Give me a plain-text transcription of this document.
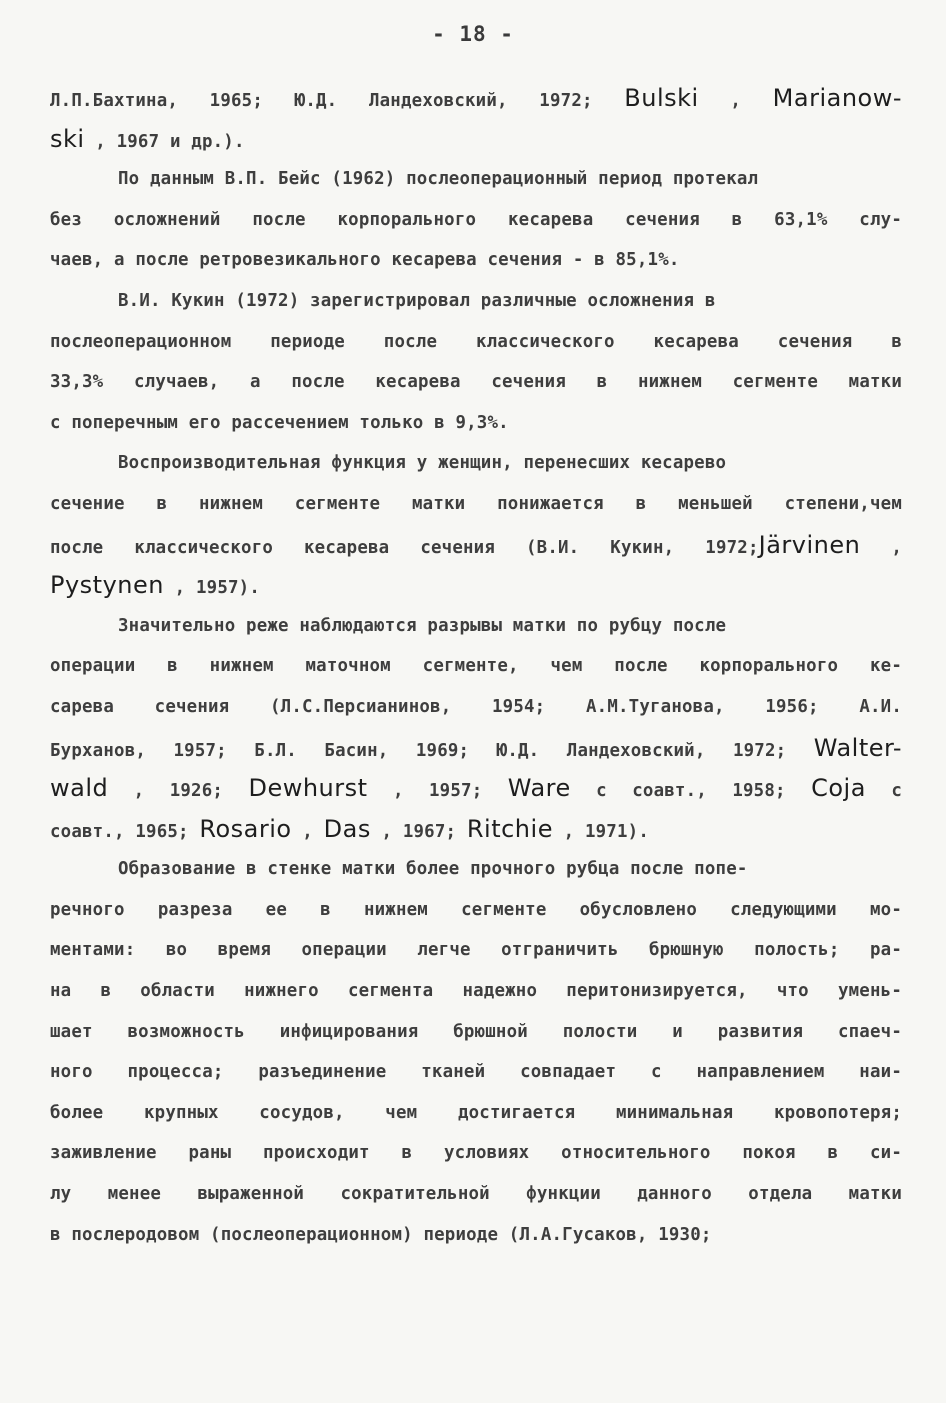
- 18 -
Л.П.Бахтина, 1965; Ю.Д. Ландеховский, 1972; Bulski , Marianow-
ski , 1967 и др.).
По данным В.П. Бейс (1962) послеоперационный период протекал
без осложнений после корпорального кесарева сечения в 63,1% слу-
чаев, а после ретровезикального кесарева сечения - в 85,1%.
В.И. Кукин (1972) зарегистрировал различные осложнения в
послеоперационном периоде после классического кесарева сечения в
33,3% случаев, а после кесарева сечения в нижнем сегменте матки
с поперечным его рассечением только в 9,3%.
Воспроизводительная функция у женщин, перенесших кесарево
сечение в нижнем сегменте матки понижается в меньшей степени,чем
после классического кесарева сечения (В.И. Кукин, 1972;Järvinen ,
Pystynen , 1957).
Значительно реже наблюдаются разрывы матки по рубцу после
операции в нижнем маточном сегменте, чем после корпорального ке-
сарева сечения (Л.С.Персианинов, 1954; А.М.Туганова, 1956; А.И.
Бурханов, 1957; Б.Л. Басин, 1969; Ю.Д. Ландеховский, 1972; Walter-
wald , 1926; Dewhurst , 1957; Ware с соавт., 1958; Coja с
соавт., 1965; Rosario , Das , 1967; Ritchie , 1971).
Образование в стенке матки более прочного рубца после попе-
речного разреза ее в нижнем сегменте обусловлено следующими мо-
ментами: во время операции легче отграничить брюшную полость; ра-
на в области нижнего сегмента надежно перитонизируется, что умень-
шает возможность инфицирования брюшной полости и развития спаеч-
ного процесса; разъединение тканей совпадает с направлением наи-
более крупных сосудов, чем достигается минимальная кровопотеря;
заживление раны происходит в условиях относительного покоя в си-
лу менее выраженной сократительной функции данного отдела матки
в послеродовом (послеоперационном) периоде (Л.А.Гусаков, 1930;
